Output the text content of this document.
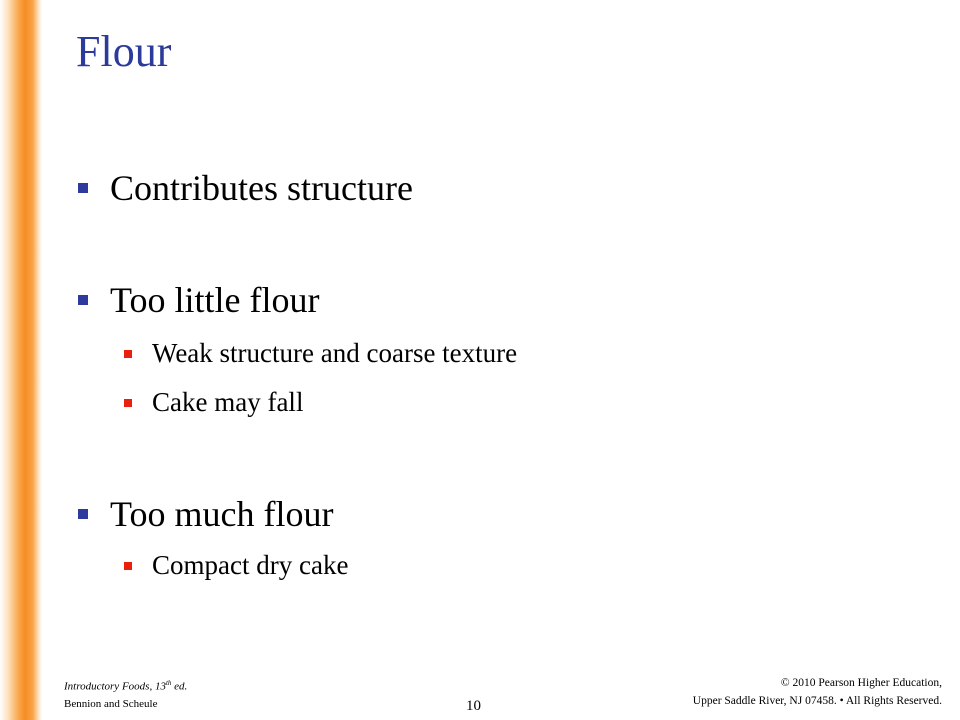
Flour
Contributes structure
Too little flour
Weak structure and coarse texture
Cake may fall
Too much flour
Compact dry cake
Introductory Foods, 13th ed.
Bennion and Scheule	10
© 2010 Pearson Higher Education,
Upper Saddle River, NJ 07458. • All Rights Reserved.
